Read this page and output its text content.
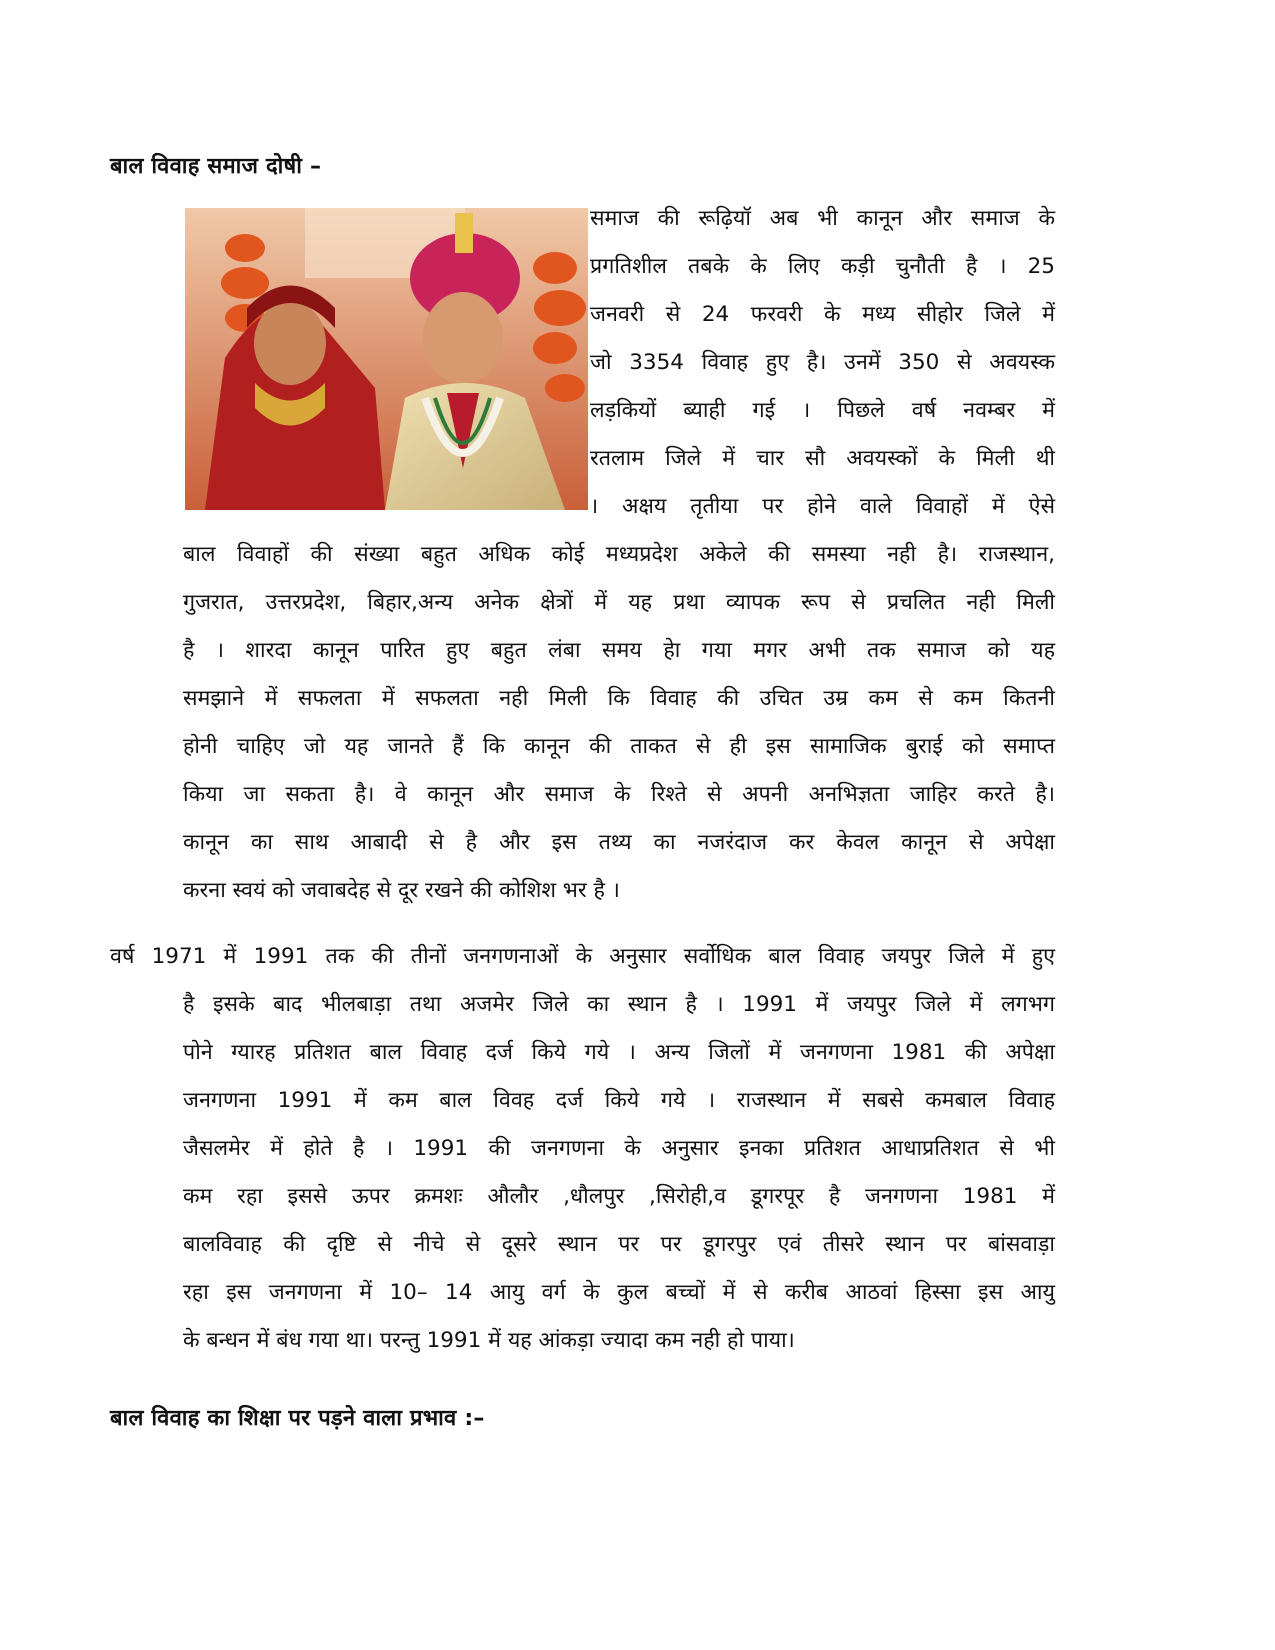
बाल विवाह समाज दोषी –
समाज की रूढ़ियॉ अब भी कानून और समाज के
प्रगतिशील तबके के लिए कड़ी चुनौती है । 25
जनवरी से 24 फरवरी के मध्य सीहोर जिले में
जो 3354 विवाह हुए है। उनमें 350 से अवयस्क
लड़कियों ब्याही गई । पिछले वर्ष नवम्बर में
रतलाम जिले में चार सौ अवयस्कों के मिली थी
। अक्षय तृतीया पर होने वाले विवाहों में ऐसे
बाल विवाहों की संख्या बहुत अधिक कोई मध्यप्रदेश अकेले की समस्या नही है। राजस्थान,
गुजरात, उत्तरप्रदेश, बिहार,अन्य अनेक क्षेत्रों में यह प्रथा व्यापक रूप से प्रचलित नही मिली
है । शारदा कानून पारित हुए बहुत लंबा समय हेा गया मगर अभी तक समाज को यह
समझाने में सफलता में सफलता नही मिली कि विवाह की उचित उम्र कम से कम कितनी
होनी चाहिए जो यह जानते हैं कि कानून की ताकत से ही इस सामाजिक बुराई को समाप्त
किया जा सकता है। वे कानून और समाज के रिश्ते से अपनी अनभिज्ञता जाहिर करते है।
कानून का साथ आबादी से है और इस तथ्य का नजरंदाज कर केवल कानून से अपेक्षा
करना स्वयं को जवाबदेह से दूर रखने की कोशिश भर है ।
वर्ष 1971 में 1991 तक की तीनों जनगणनाओं के अनुसार सर्वोधिक बाल विवाह जयपुर जिले में हुए
है इसके बाद भीलबाड़ा तथा अजमेर जिले का स्थान है । 1991 में जयपुर जिले में लगभग
पोने ग्यारह प्रतिशत बाल विवाह दर्ज किये गये । अन्य जिलों में जनगणना 1981 की अपेक्षा
जनगणना 1991 में कम बाल विवह दर्ज किये गये । राजस्थान में सबसे कमबाल विवाह
जैसलमेर में होते है । 1991 की जनगणना के अनुसार इनका प्रतिशत आधाप्रतिशत से भी
कम रहा इससे ऊपर क्रमशः औलौर ,धौलपुर ,सिरोही,व डूगरपूर है जनगणना 1981 में
बालविवाह की दृष्टि से नीचे से दूसरे स्थान पर पर डूगरपुर एवं तीसरे स्थान पर बांसवाड़ा
रहा इस जनगणना में 10– 14 आयु वर्ग के कुल बच्चों में से करीब आठवां हिस्सा इस आयु
के बन्धन में बंध गया था। परन्तु 1991 में यह आंकड़ा ज्यादा कम नही हो पाया।
बाल विवाह का शिक्षा पर पड़ने वाला प्रभाव :–
